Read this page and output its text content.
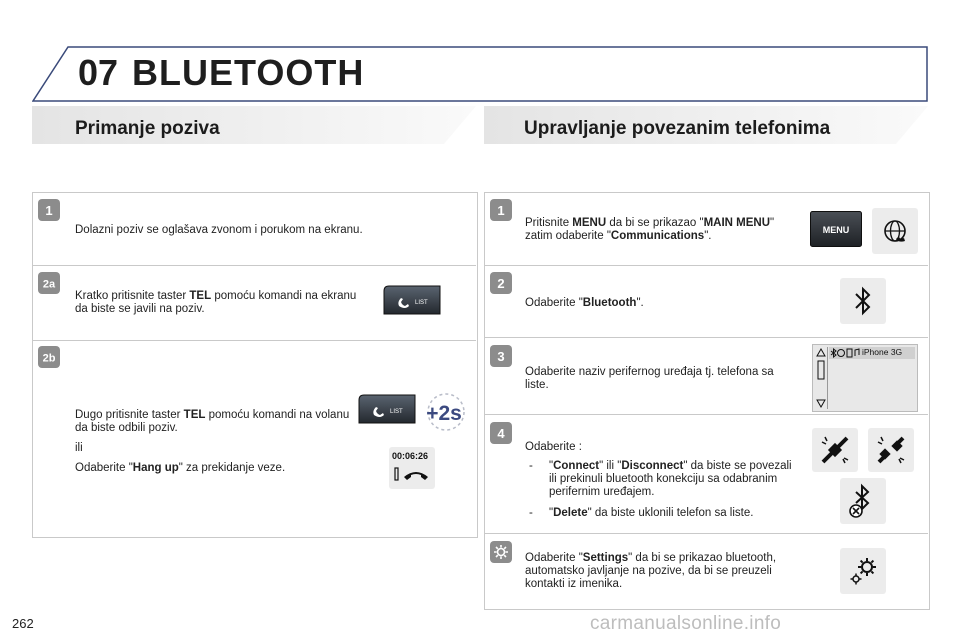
07 BLUETOOTH
Primanje poziva	Upravljanje povezanim telefonima
1
Dolazni poziv se oglašava zvonom i porukom na ekranu.
2a
Kratko pritisnite taster TEL pomoću komandi na ekranu da biste se javili na poziv.	LIST
2b
Dugo pritisnite taster TEL pomoću komandi na volanu da biste odbili poziv.
ili
Odaberite "Hang up" za prekidanje veze.
LIST +2s
00:06:26
1
Pritisnite MENU da bi se prikazao "MAIN MENU" zatim odaberite "Communications".	MENU
2
Odaberite "Bluetooth".
3
Odaberite naziv perifernog uređaja tj. telefona sa liste.
iPhone 3G
4
Odaberite :
- "Connect" ili "Disconnect" da biste se povezali ili prekinuli bluetooth konekciju sa odabranim perifernim uređajem.
- "Delete" da biste uklonili telefon sa liste.
Odaberite "Settings" da bi se prikazao bluetooth, automatsko javljanje na pozive, da bi se preuzeli kontakti iz imenika.
262	carmanualsonline.info
